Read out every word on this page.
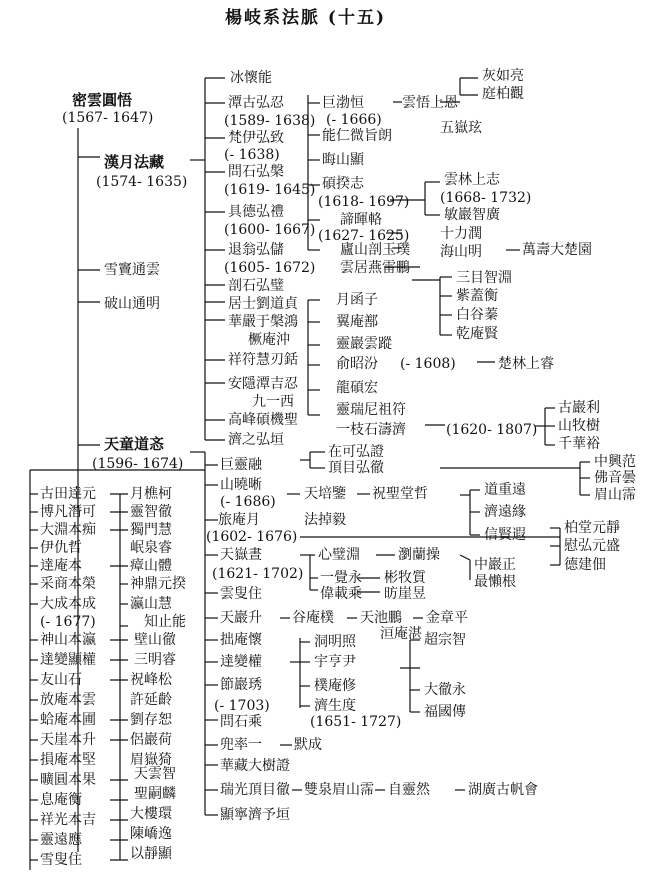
楊岐系法脈 (十五)
密雲圓悟
(1567- 1647)
漢月法藏
(1574- 1635)
雪竇通雲
破山通明
天童道忞
(1596- 1674)
冰懷能
潭古弘忍
(1589- 1638)
梵伊弘致
(- 1638)
問石弘槃
(1619- 1645)
具德弘禮
(1600- 1667)
退翁弘儲
(1605- 1672)
剖石弘璧
居士劉道貞
華嚴于槃鴻
橛庵沖
祥符慧刃銛
安隱潭吉忍
九一西
高峰碩機聖
濟之弘垣
巨渤恒	雲悟上恩
(- 1666)	五嶽玹
灰如亮
庭柏觀
能仁微旨朗
晦山顯
碩揆志
(1618- 1697)
雲林上志
(1668- 1732)
敏巖智廣
諦暉輅
(1627- 1625) 十力潤
廬山剖玉璞 海山明	萬壽大楚園
雲居燕雷鵬
三目智淵
紫蓋衡
白谷蓁
乾庵賢
月函子
翼庵鄯
靈巖雲蹤
俞昭汾 (- 1608)	楚林上睿
龍碩宏
靈瑞尼祖符
一枝石濤濟	(1620- 1807)
古巖利
山牧樹
千華裕
在可弘證
頂目弘徹	中興范
佛音曇
眉山霈
巨靈融
山曉晰
(- 1686) 天培鑒 祝聖堂哲	道重遠
濟遠緣
信賢遐
旅庵月
(1602- 1676)
法掉毅	柏堂元靜
慰弘元盛
德建佃
天嶽晝
(1621- 1702)
心璧淵	瀏蘭操
中巖正
最懶根
一覺永 彬牧質
偉載乘 昉崖昱
雲叟住
天巖升 谷庵樸 天池鵬 金章平
拙庵懷	洹庵湛
洞明照
達變權	宇亨尹
超宗智
節巖琇	樸庵修	大徹永
濟生度
(1651- 1727)
福國傳
(- 1703)
問石乘
兜率一 默成
華藏大樹證
瑞光頂目徹 雙泉眉山霈 自靈然	湖廣古帆會
顯寧濟予垣
古田達元 月樵柯
博凡潛可 靈智徹
大淵本痴 獨門慧
岷泉睿
伊仇哲
達庵本	瘴山體
采商本榮 神鼎元揆
大成本成 瀛山慧
(- 1677)	知止能
神山本瀛	壁山徹
達變顯權	三明睿
友山石	祝峰松
放庵本雲 許延齡
蛤庵本圃 劉存恕
天崖本升 侶巖荷
損庵本堅 眉嶽猗
曠圓本果	天雲智
息庵衡	聖嗣麟
祥光本吉 大樓環
靈遠應	陳嶠逸
雪叟住	以靜顯
